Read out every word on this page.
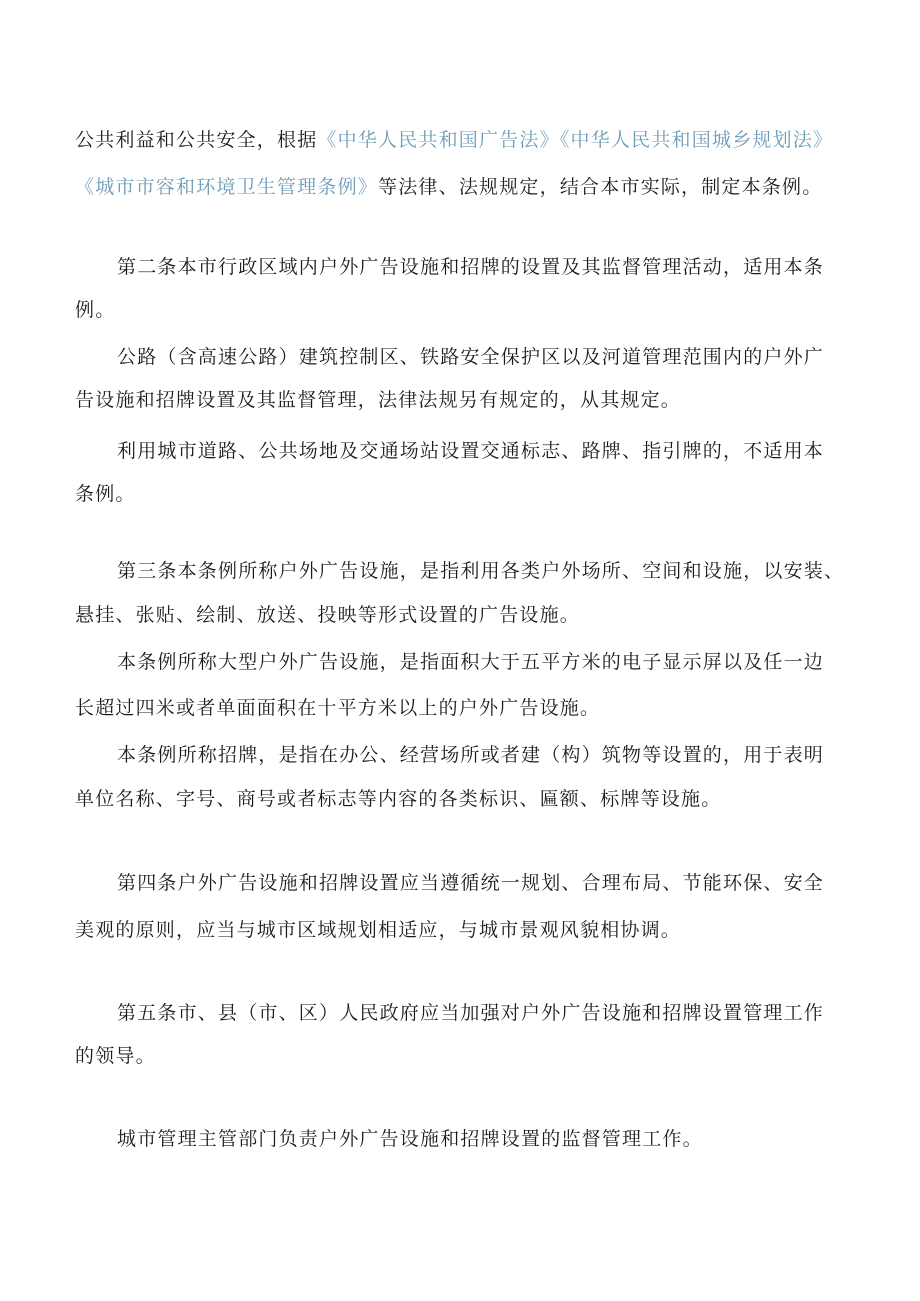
公共利益和公共安全，根据《中华人民共和国广告法》《中华人民共和国城乡规划法》
《城市市容和环境卫生管理条例》等法律、法规规定，结合本市实际，制定本条例。
第二条本市行政区域内户外广告设施和招牌的设置及其监督管理活动，适用本条
例。
公路（含高速公路）建筑控制区、铁路安全保护区以及河道管理范围内的户外广
告设施和招牌设置及其监督管理，法律法规另有规定的，从其规定。
利用城市道路、公共场地及交通场站设置交通标志、路牌、指引牌的，不适用本
条例。
第三条本条例所称户外广告设施，是指利用各类户外场所、空间和设施，以安装、
悬挂、张贴、绘制、放送、投映等形式设置的广告设施。
本条例所称大型户外广告设施，是指面积大于五平方米的电子显示屏以及任一边
长超过四米或者单面面积在十平方米以上的户外广告设施。
本条例所称招牌，是指在办公、经营场所或者建（构）筑物等设置的，用于表明
单位名称、字号、商号或者标志等内容的各类标识、匾额、标牌等设施。
第四条户外广告设施和招牌设置应当遵循统一规划、合理布局、节能环保、安全
美观的原则，应当与城市区域规划相适应，与城市景观风貌相协调。
第五条市、县（市、区）人民政府应当加强对户外广告设施和招牌设置管理工作
的领导。
城市管理主管部门负责户外广告设施和招牌设置的监督管理工作。
